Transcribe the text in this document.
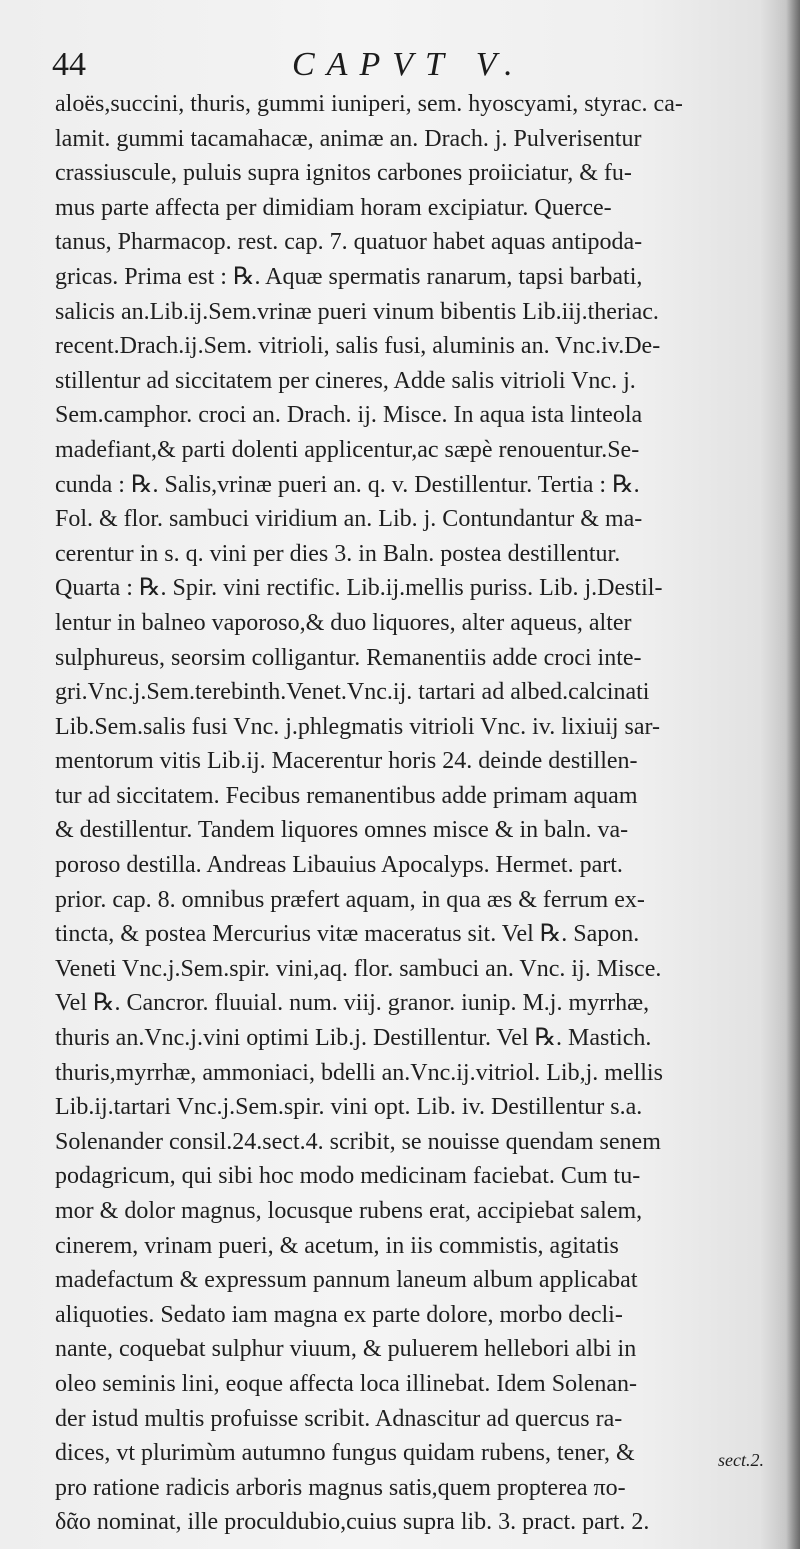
44	CAPVT V.
aloës,succini, thuris, gummi iuniperi, sem. hyoscyami, styrac. ca-
lamit. gummi tacamahacæ, animæ an. Drach. j. Pulverisentur
crassiuscule, puluis supra ignitos carbones proiiciatur, & fu-
mus parte affecta per dimidiam horam excipiatur. Querce-
tanus, Pharmacop. rest. cap. 7. quatuor habet aquas antipoda-
gricas. Prima est : ℞. Aquæ spermatis ranarum, tapsi barbati,
salicis an.Lib.ij.Sem.vrinæ pueri vinum bibentis Lib.iij.theriac.
recent.Drach.ij.Sem. vitrioli, salis fusi, aluminis an. Vnc.iv.De-
stillentur ad siccitatem per cineres, Adde salis vitrioli Vnc. j.
Sem.camphor. croci an. Drach. ij. Misce. In aqua ista linteola
madefiant,& parti dolenti applicentur,ac sæpè renouentur.Se-
cunda : ℞. Salis,vrinæ pueri an. q. v. Destillentur. Tertia : ℞.
Fol. & flor. sambuci viridium an. Lib. j. Contundantur & ma-
cerentur in s. q. vini per dies 3. in Baln. postea destillentur.
Quarta : ℞. Spir. vini rectific. Lib.ij.mellis puriss. Lib. j.Destil-
lentur in balneo vaporoso,& duo liquores, alter aqueus, alter
sulphureus, seorsim colligantur. Remanentiis adde croci inte-
gri.Vnc.j.Sem.terebinth.Venet.Vnc.ij. tartari ad albed.calcinati
Lib.Sem.salis fusi Vnc. j.phlegmatis vitrioli Vnc. iv. lixiuij sar-
mentorum vitis Lib.ij. Macerentur horis 24. deinde destillen-
tur ad siccitatem. Fecibus remanentibus adde primam aquam
& destillentur. Tandem liquores omnes misce & in baln. va-
poroso destilla. Andreas Libauius Apocalyps. Hermet. part.
prior. cap. 8. omnibus præfert aquam, in qua æs & ferrum ex-
tincta, & postea Mercurius vitæ maceratus sit. Vel ℞. Sapon.
Veneti Vnc.j.Sem.spir. vini,aq. flor. sambuci an. Vnc. ij. Misce.
Vel ℞. Cancror. fluuial. num. viij. granor. iunip. M.j. myrrhæ,
thuris an.Vnc.j.vini optimi Lib.j. Destillentur. Vel ℞. Mastich.
thuris,myrrhæ, ammoniaci, bdelli an.Vnc.ij.vitriol. Lib,j. mellis
Lib.ij.tartari Vnc.j.Sem.spir. vini opt. Lib. iv. Destillentur s.a.
Solenander consil.24.sect.4. scribit, se nouisse quendam senem
podagricum, qui sibi hoc modo medicinam faciebat. Cum tu-
mor & dolor magnus, locusque rubens erat, accipiebat salem,
cinerem, vrinam pueri, & acetum, in iis commistis, agitatis
madefactum & expressum pannum laneum album applicabat
aliquoties. Sedato iam magna ex parte dolore, morbo decli-
nante, coquebat sulphur viuum, & puluerem hellebori albi in
oleo seminis lini, eoque affecta loca illinebat. Idem Solenan-
der istud multis profuisse scribit. Adnascitur ad quercus ra-
dices, vt plurimùm autumno fungus quidam rubens, tener, &
pro ratione radicis arboris magnus satis,quem propterea πο-
δᾶο nominat, ille proculdubio,cuius supra lib. 3. pract. part. 2.
sect.2.
